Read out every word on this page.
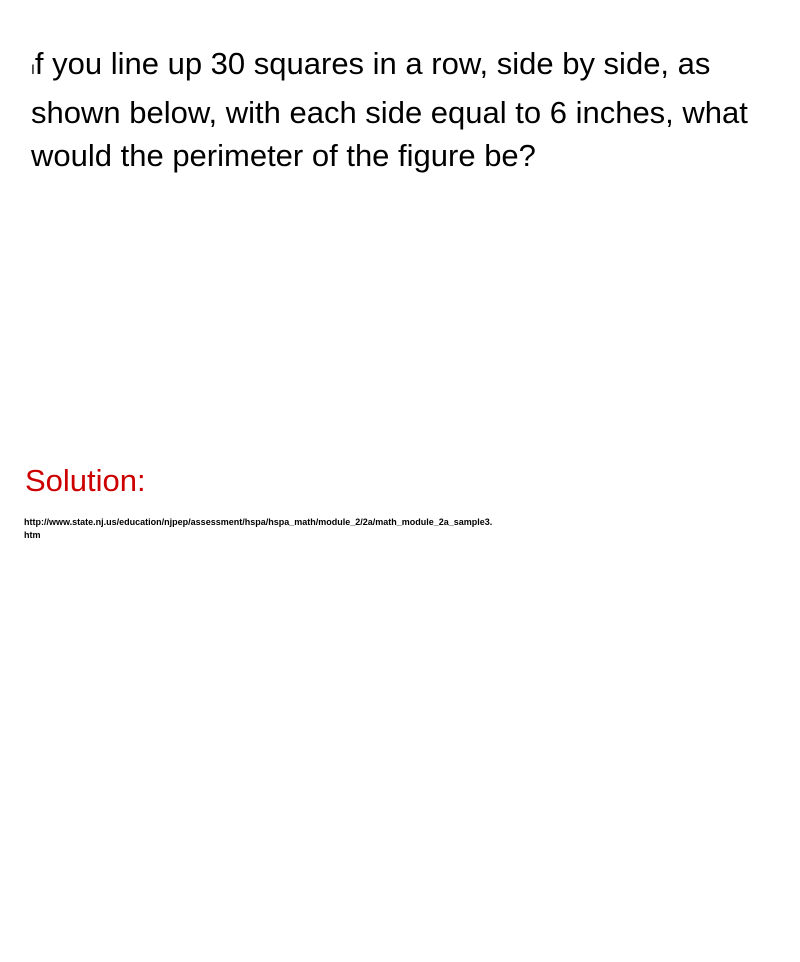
If you line up 30 squares in a row, side by side, as shown below, with each side equal to 6 inches, what would the perimeter of the figure be?
Solution:
http://www.state.nj.us/education/njpep/assessment/hspa/hspa_math/module_2/2a/math_module_2a_sample3.
htm
